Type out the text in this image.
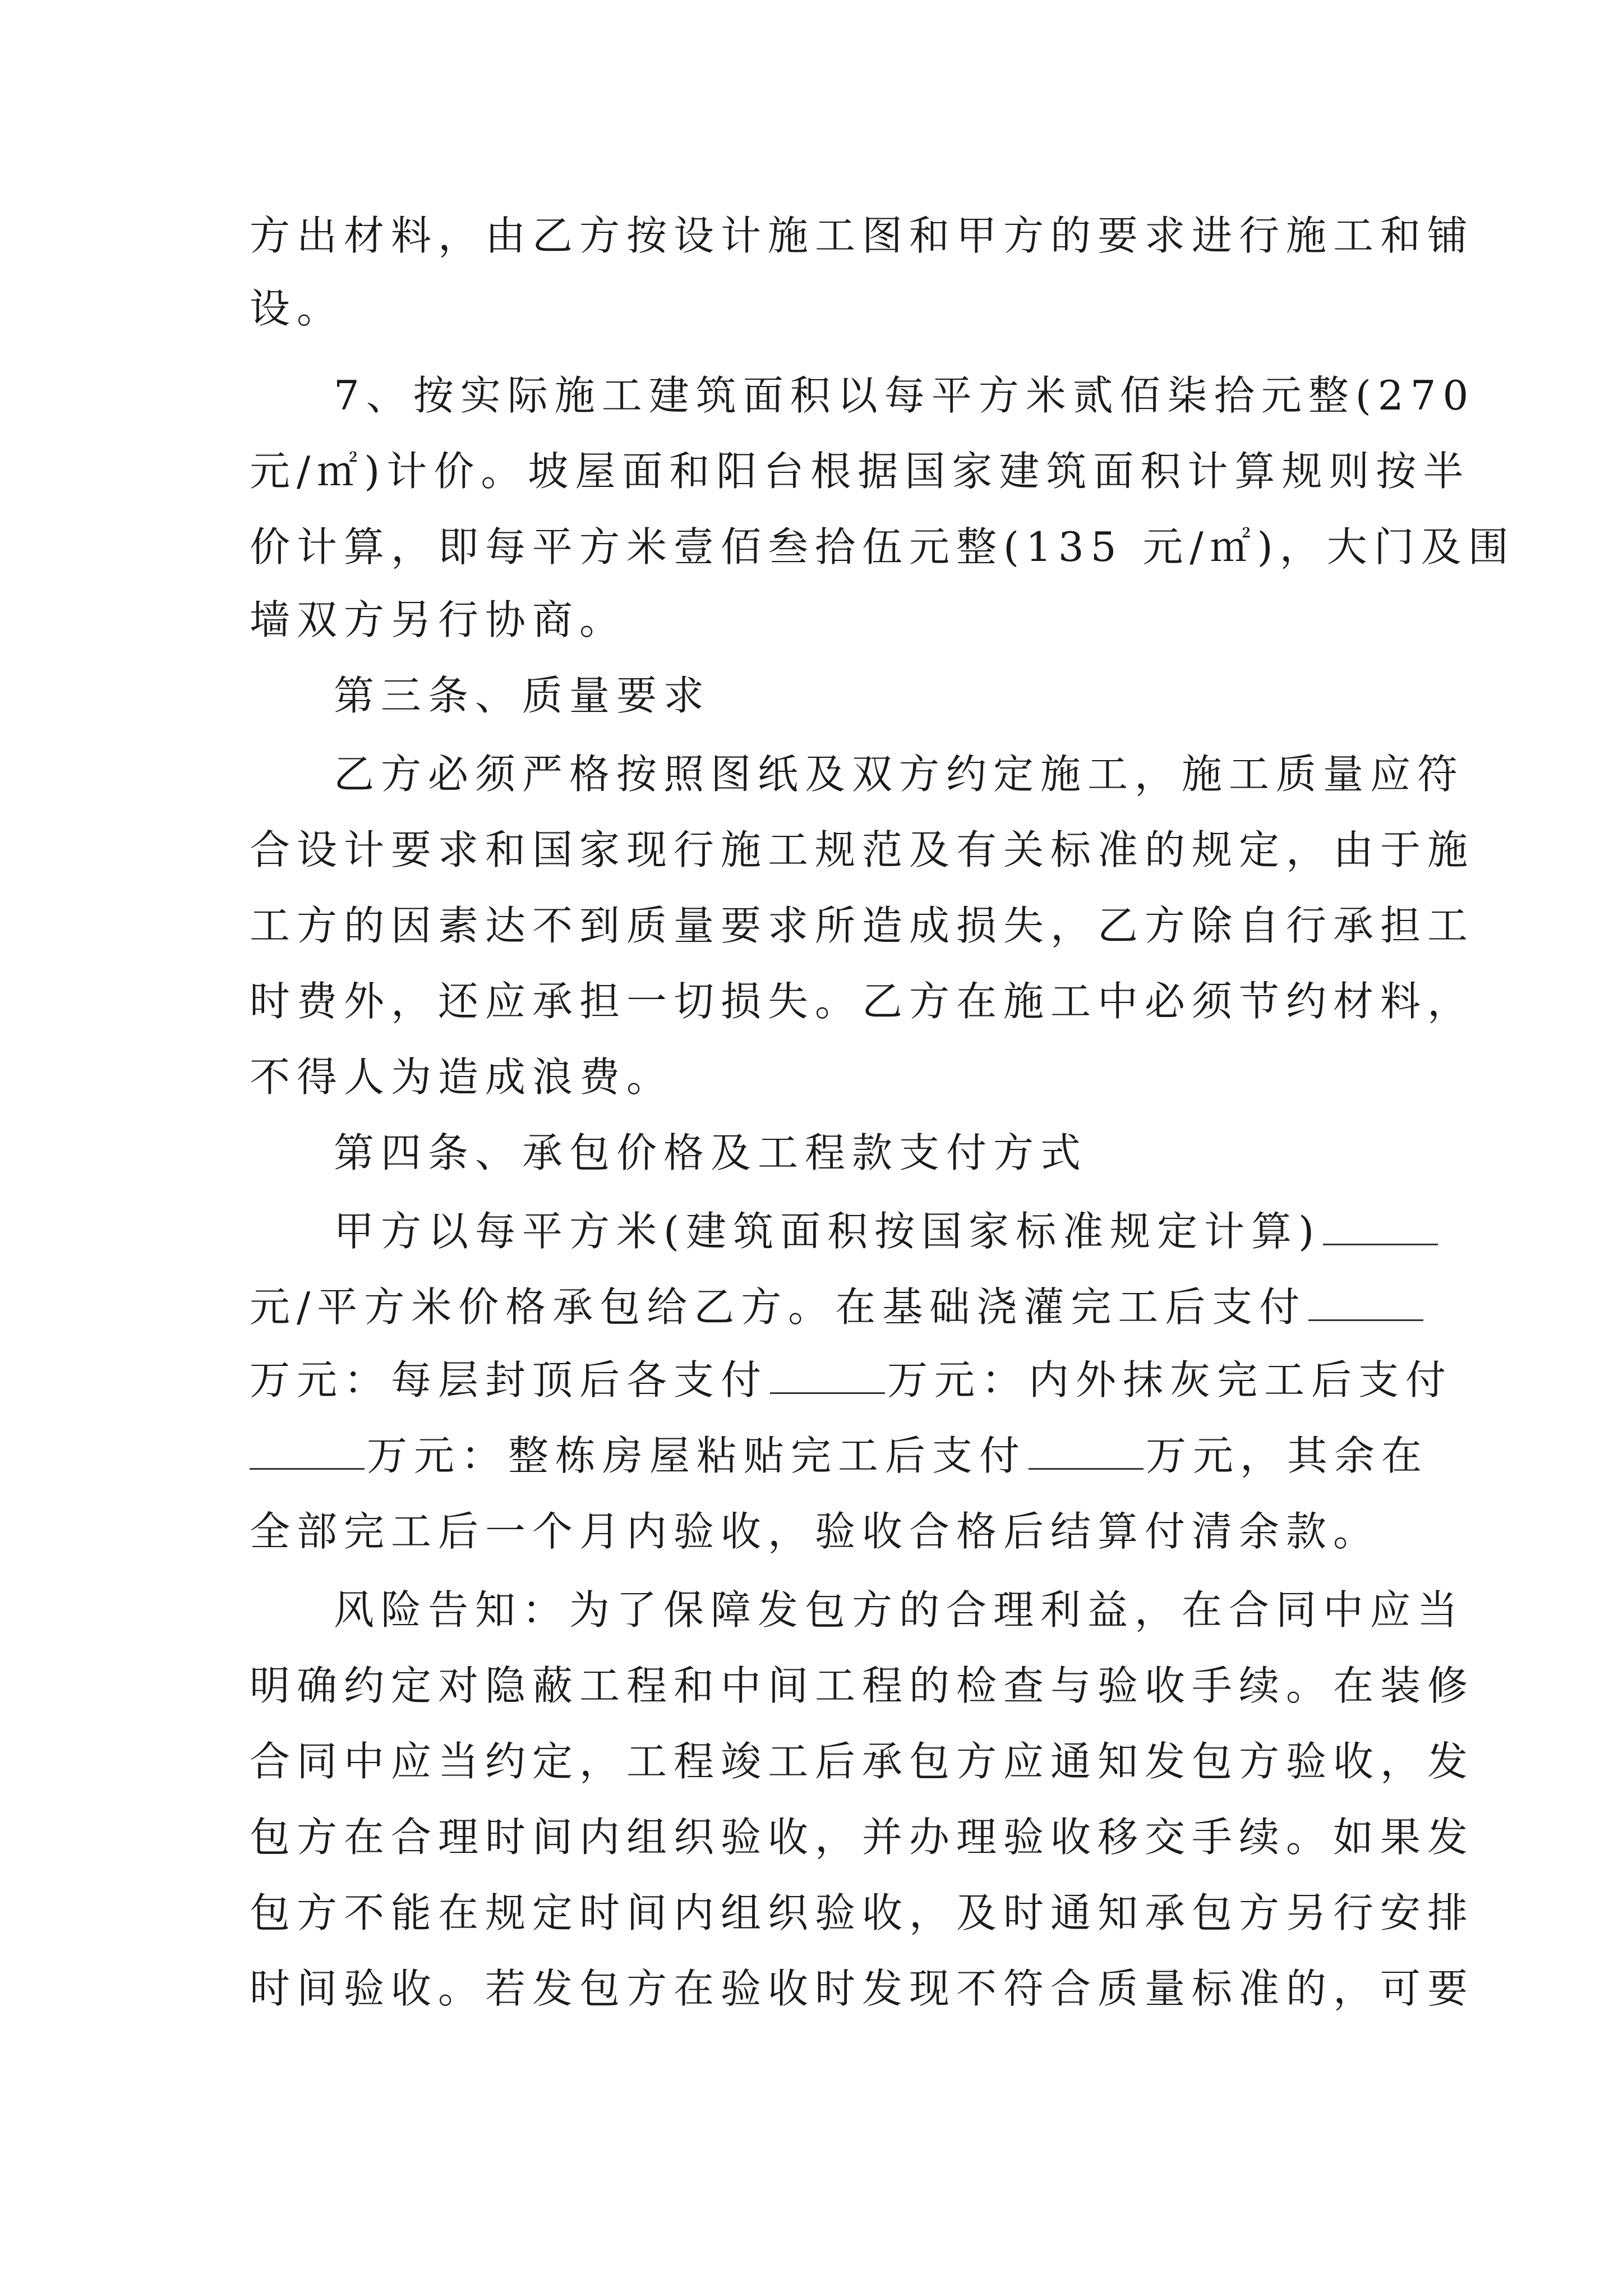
方出材料，由乙方按设计施工图和甲方的要求进行施工和铺
设。
7、按实际施工建筑面积以每平方米贰佰柒拾元整(270
元/㎡)计价。坡屋面和阳台根据国家建筑面积计算规则按半
价计算，即每平方米壹佰叁拾伍元整(135 元/㎡)，大门及围
墙双方另行协商。
第三条、质量要求
乙方必须严格按照图纸及双方约定施工，施工质量应符
合设计要求和国家现行施工规范及有关标准的规定，由于施
工方的因素达不到质量要求所造成损失，乙方除自行承担工
时费外，还应承担一切损失。乙方在施工中必须节约材料，
不得人为造成浪费。
第四条、承包价格及工程款支付方式
甲方以每平方米(建筑面积按国家标准规定计算)
元/平方米价格承包给乙方。在基础浇灌完工后支付
万元：每层封顶后各支付	万元：内外抹灰完工后支付
万元：整栋房屋粘贴完工后支付	万元，其余在
全部完工后一个月内验收，验收合格后结算付清余款。
风险告知：为了保障发包方的合理利益，在合同中应当
明确约定对隐蔽工程和中间工程的检查与验收手续。在装修
合同中应当约定，工程竣工后承包方应通知发包方验收，发
包方在合理时间内组织验收，并办理验收移交手续。如果发
包方不能在规定时间内组织验收，及时通知承包方另行安排
时间验收。若发包方在验收时发现不符合质量标准的，可要
